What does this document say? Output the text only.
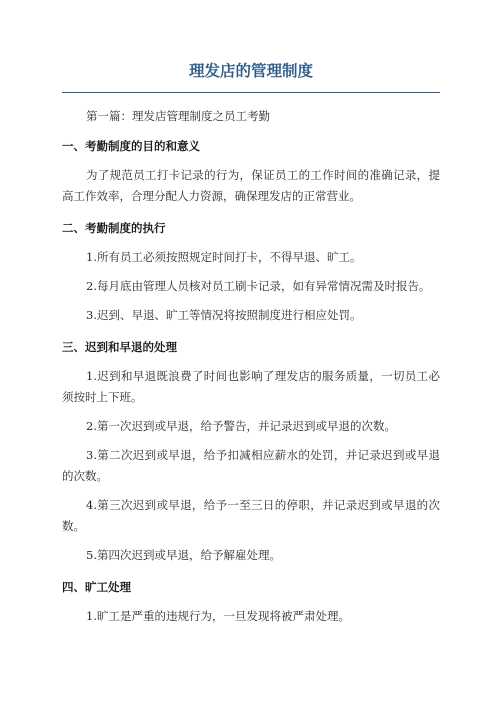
理发店的管理制度

第一篇：理发店管理制度之员工考勤

一、考勤制度的目的和意义

为了规范员工打卡记录的行为，保证员工的工作时间的准确记录，提高工作效率，合理分配人力资源，确保理发店的正常营业。

二、考勤制度的执行

1.所有员工必须按照规定时间打卡，不得早退、旷工。

2.每月底由管理人员核对员工刷卡记录，如有异常情况需及时报告。

3.迟到、早退、旷工等情况将按照制度进行相应处罚。

三、迟到和早退的处理

1.迟到和早退既浪费了时间也影响了理发店的服务质量，一切员工必须按时上下班。

2.第一次迟到或早退，给予警告，并记录迟到或早退的次数。

3.第二次迟到或早退，给予扣减相应薪水的处罚，并记录迟到或早退的次数。

4.第三次迟到或早退，给予一至三日的停职，并记录迟到或早退的次数。

5.第四次迟到或早退，给予解雇处理。

四、旷工处理

1.旷工是严重的违规行为，一旦发现将被严肃处理。
